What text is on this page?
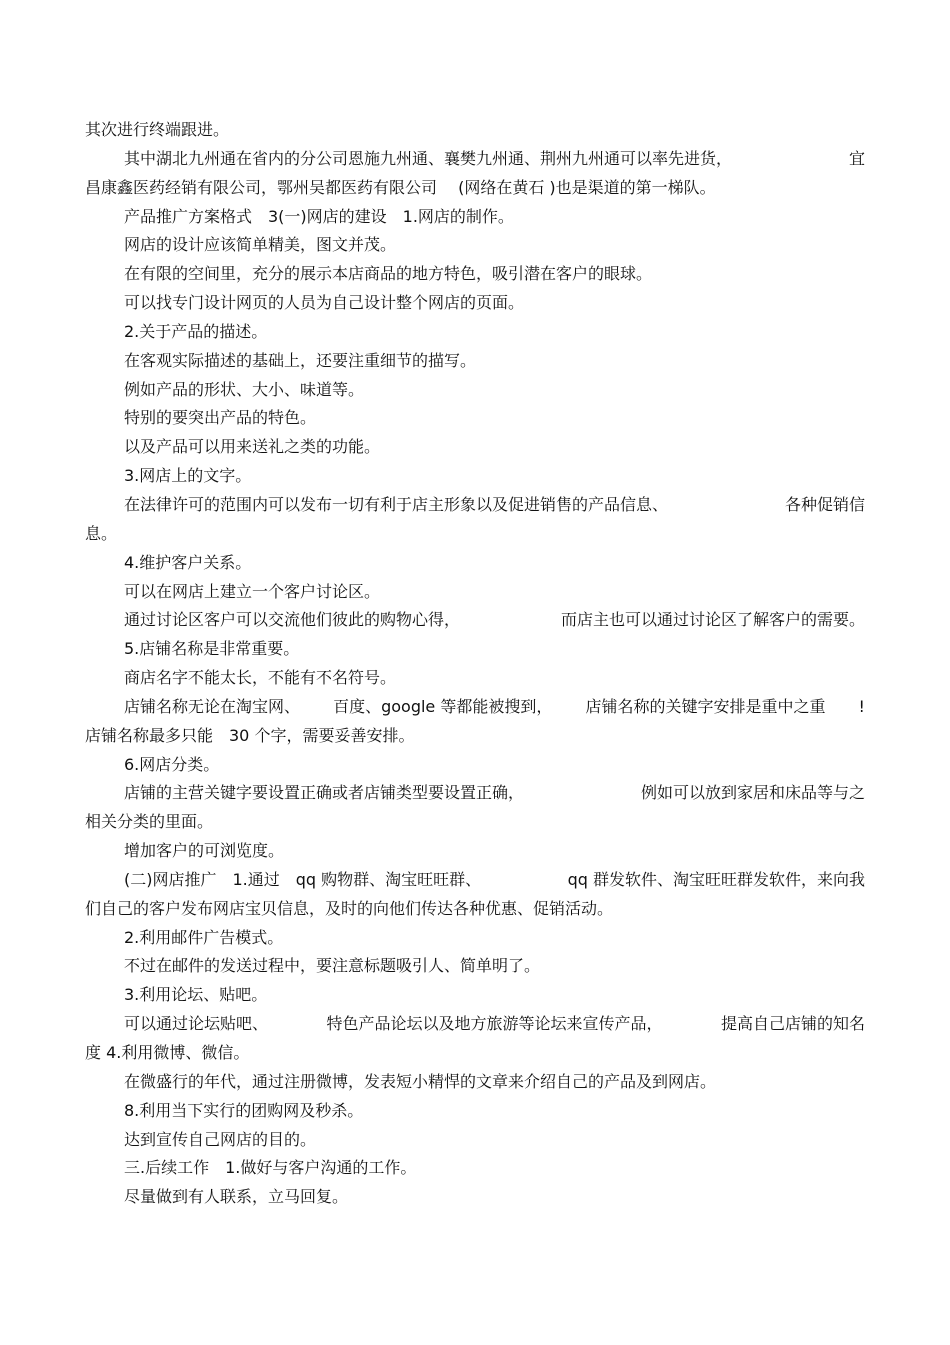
其次进行终端跟进。
其中湖北九州通在省内的分公司恩施九州通、襄樊九州通、荆州九州通可以率先进货，	宜
昌康鑫医药经销有限公司，鄂州吴都医药有限公司　 (网络在黄石 )也是渠道的第一梯队。
产品推广方案格式　3(一)网店的建设　1.网店的制作。
网店的设计应该简单精美，图文并茂。
在有限的空间里，充分的展示本店商品的地方特色，吸引潜在客户的眼球。
可以找专门设计网页的人员为自己设计整个网店的页面。
2.关于产品的描述。
在客观实际描述的基础上，还要注重细节的描写。
例如产品的形状、大小、味道等。
特别的要突出产品的特色。
以及产品可以用来送礼之类的功能。
3.网店上的文字。
在法律许可的范围内可以发布一切有利于店主形象以及促进销售的产品信息、	各种促销信
息。
4.维护客户关系。
可以在网店上建立一个客户讨论区。
通过讨论区客户可以交流他们彼此的购物心得，	而店主也可以通过讨论区了解客户的需要。
5.店铺名称是非常重要。
商店名字不能太长，不能有不名符号。
店铺名称无论在淘宝网、 百度、google 等都能被搜到， 店铺名称的关键字安排是重中之重 !
店铺名称最多只能　30 个字，需要妥善安排。
6.网店分类。
店铺的主营关键字要设置正确或者店铺类型要设置正确，	例如可以放到家居和床品等与之
相关分类的里面。
增加客户的可浏览度。
(二)网店推广　1.通过　qq 购物群、淘宝旺旺群、	qq 群发软件、淘宝旺旺群发软件，来向我
们自己的客户发布网店宝贝信息，及时的向他们传达各种优惠、促销活动。
2.利用邮件广告模式。
不过在邮件的发送过程中，要注意标题吸引人、简单明了。
3.利用论坛、贴吧。
可以通过论坛贴吧、	特色产品论坛以及地方旅游等论坛来宣传产品，	提高自己店铺的知名
度 4.利用微博、微信。
在微盛行的年代，通过注册微博，发表短小精悍的文章来介绍自己的产品及到网店。
8.利用当下实行的团购网及秒杀。
达到宣传自己网店的目的。
三.后续工作　1.做好与客户沟通的工作。
尽量做到有人联系，立马回复。
